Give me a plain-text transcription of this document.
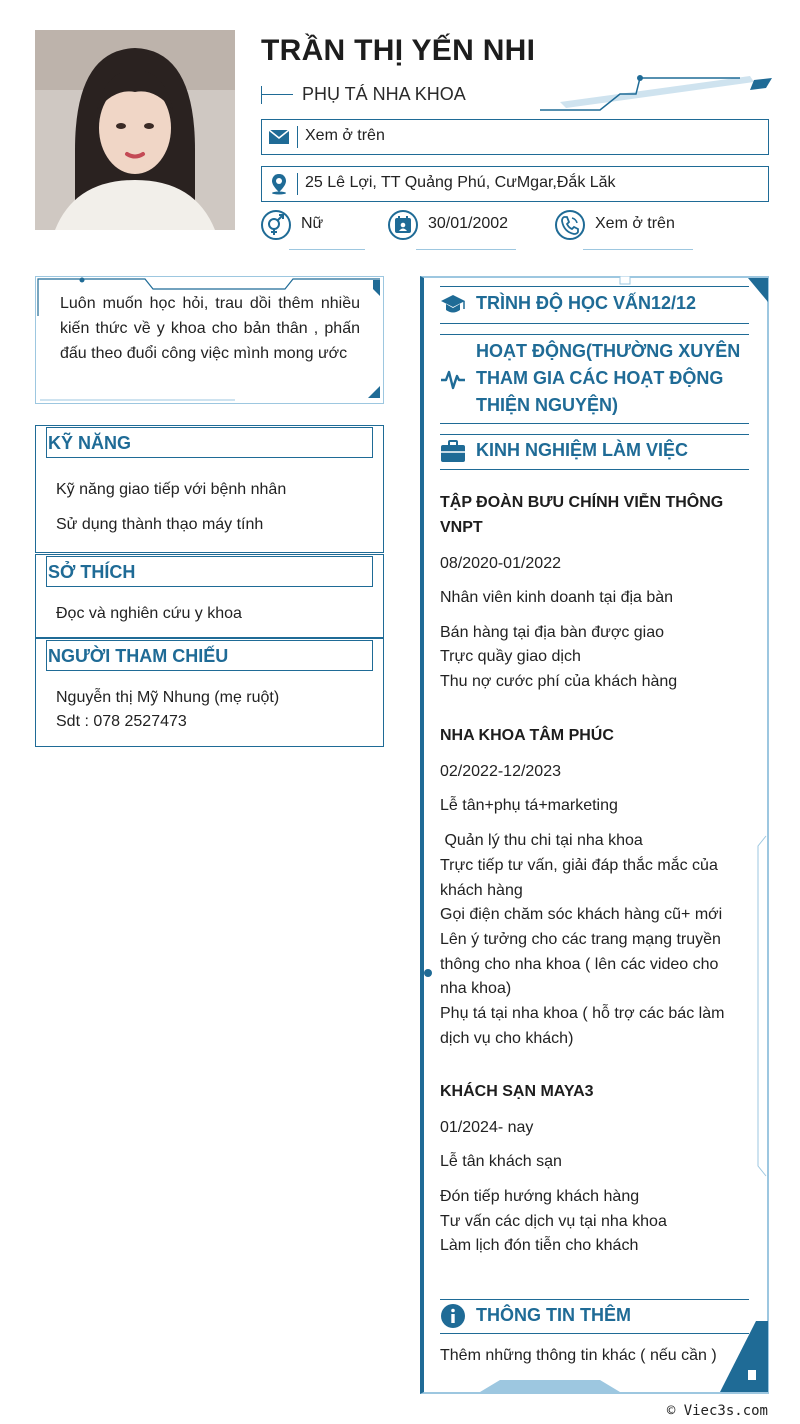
TRẦN THỊ YẾN NHI
PHỤ TÁ NHA KHOA
Xem ở trên
25 Lê Lợi, TT Quảng Phú, CưMgar,Đắk Lăk
Nữ	30/01/2002	Xem ở trên
Luôn muốn học hỏi, trau dồi thêm nhiều kiến thức về y khoa cho bản thân , phấn đấu theo đuổi công việc mình mong ước
KỸ NĂNG
Kỹ năng giao tiếp với bệnh nhân
Sử dụng thành thạo máy tính
SỞ THÍCH
Đọc và nghiên cứu y khoa
NGƯỜI THAM CHIẾU
Nguyễn thị Mỹ Nhung (mẹ ruột)
Sdt : 078 2527473
TRÌNH ĐỘ HỌC VẤN12/12
HOẠT ĐỘNG(THƯỜNG XUYÊN THAM GIA CÁC HOẠT ĐỘNG THIỆN NGUYỆN)
KINH NGHIỆM LÀM VIỆC
TẬP ĐOÀN BƯU CHÍNH VIỄN THÔNG VNPT
08/2020-01/2022
Nhân viên kinh doanh tại địa bàn
Bán hàng tại địa bàn được giao
Trực quầy giao dịch
Thu nợ cước phí của khách hàng
NHA KHOA TÂM PHÚC
02/2022-12/2023
Lễ tân+phụ tá+marketing
Quản lý thu chi tại nha khoa
Trực tiếp tư vấn, giải đáp thắc mắc của khách hàng
Gọi điện chăm sóc khách hàng cũ+ mới
Lên ý tưởng cho các trang mạng truyền thông cho nha khoa ( lên các video cho nha khoa)
Phụ tá tại nha khoa ( hỗ trợ các bác làm dịch vụ cho khách)
KHÁCH SẠN MAYA3
01/2024- nay
Lễ tân khách sạn
Đón tiếp hướng khách hàng
Tư vấn các dịch vụ tại nha khoa
Làm lịch đón tiễn cho khách
THÔNG TIN THÊM
Thêm những thông tin khác ( nếu cần )
© Viec3s.com
